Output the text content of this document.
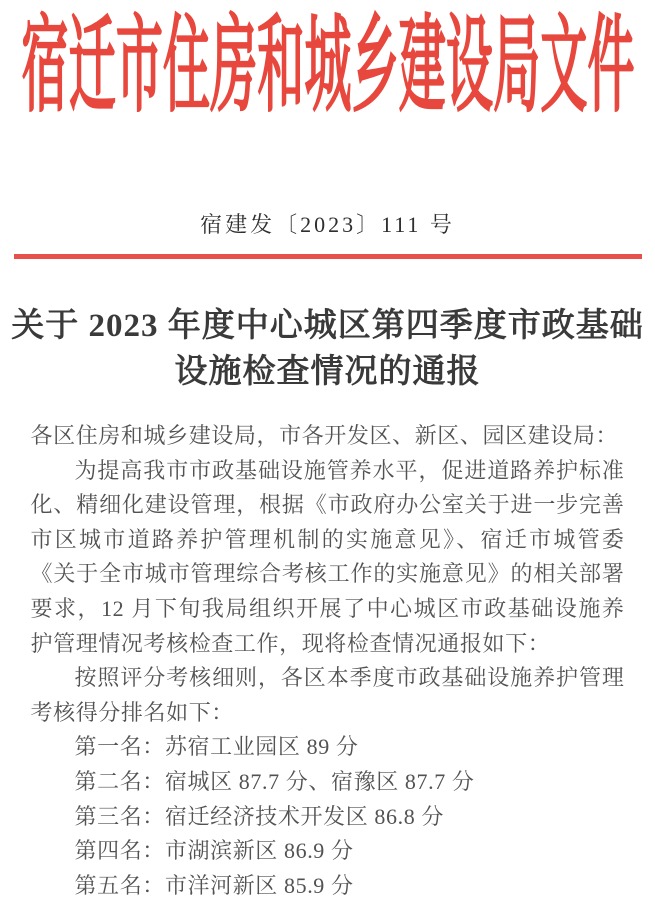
宿迁市住房和城乡建设局文件
宿建发〔2023〕111 号
关于 2023 年度中心城区第四季度市政基础
设施检查情况的通报

各区住房和城乡建设局，市各开发区、新区、园区建设局：

为提高我市市政基础设施管养水平，促进道路养护标准化、精细化建设管理，根据《市政府办公室关于进一步完善市区城市道路养护管理机制的实施意见》、宿迁市城管委《关于全市城市管理综合考核工作的实施意见》的相关部署要求，12 月下旬我局组织开展了中心城区市政基础设施养护管理情况考核检查工作，现将检查情况通报如下：

按照评分考核细则，各区本季度市政基础设施养护管理考核得分排名如下：

第一名：苏宿工业园区 89 分

第二名：宿城区 87.7 分、宿豫区 87.7 分

第三名：宿迁经济技术开发区 86.8 分

第四名：市湖滨新区 86.9 分

第五名：市洋河新区 85.9 分
